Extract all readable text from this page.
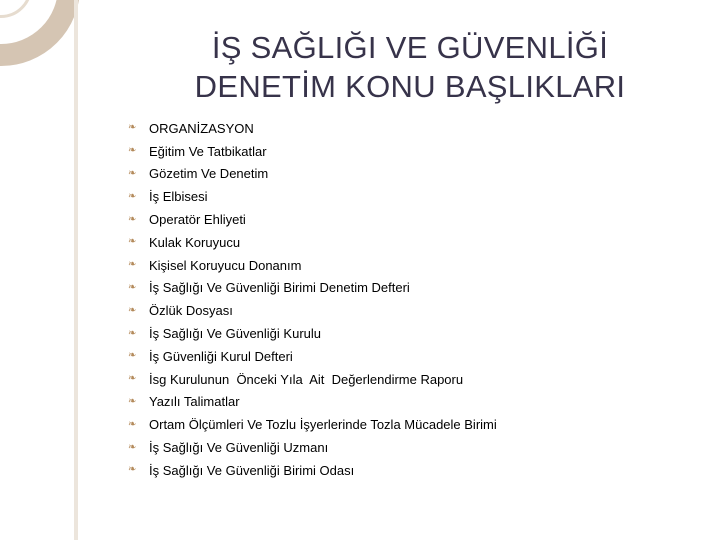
İŞ SAĞLIĞI VE GÜVENLİĞİ
DENETİM KONU BAŞLIKLARI
❧ ORGANİZASYON
❧ Eğitim Ve Tatbikatlar
❧ Gözetim Ve Denetim
❧ İş Elbisesi
❧ Operatör Ehliyeti
❧ Kulak Koruyucu
❧ Kişisel Koruyucu Donanım
❧ İş Sağlığı Ve Güvenliği Birimi Denetim Defteri
❧ Özlük Dosyası
❧ İş Sağlığı Ve Güvenliği Kurulu
❧ İş Güvenliği Kurul Defteri
❧ İsg Kurulunun  Önceki Yıla  Ait  Değerlendirme Raporu
❧ Yazılı Talimatlar
❧ Ortam Ölçümleri Ve Tozlu İşyerlerinde Tozla Mücadele Birimi
❧ İş Sağlığı Ve Güvenliği Uzmanı
❧ İş Sağlığı Ve Güvenliği Birimi Odası
